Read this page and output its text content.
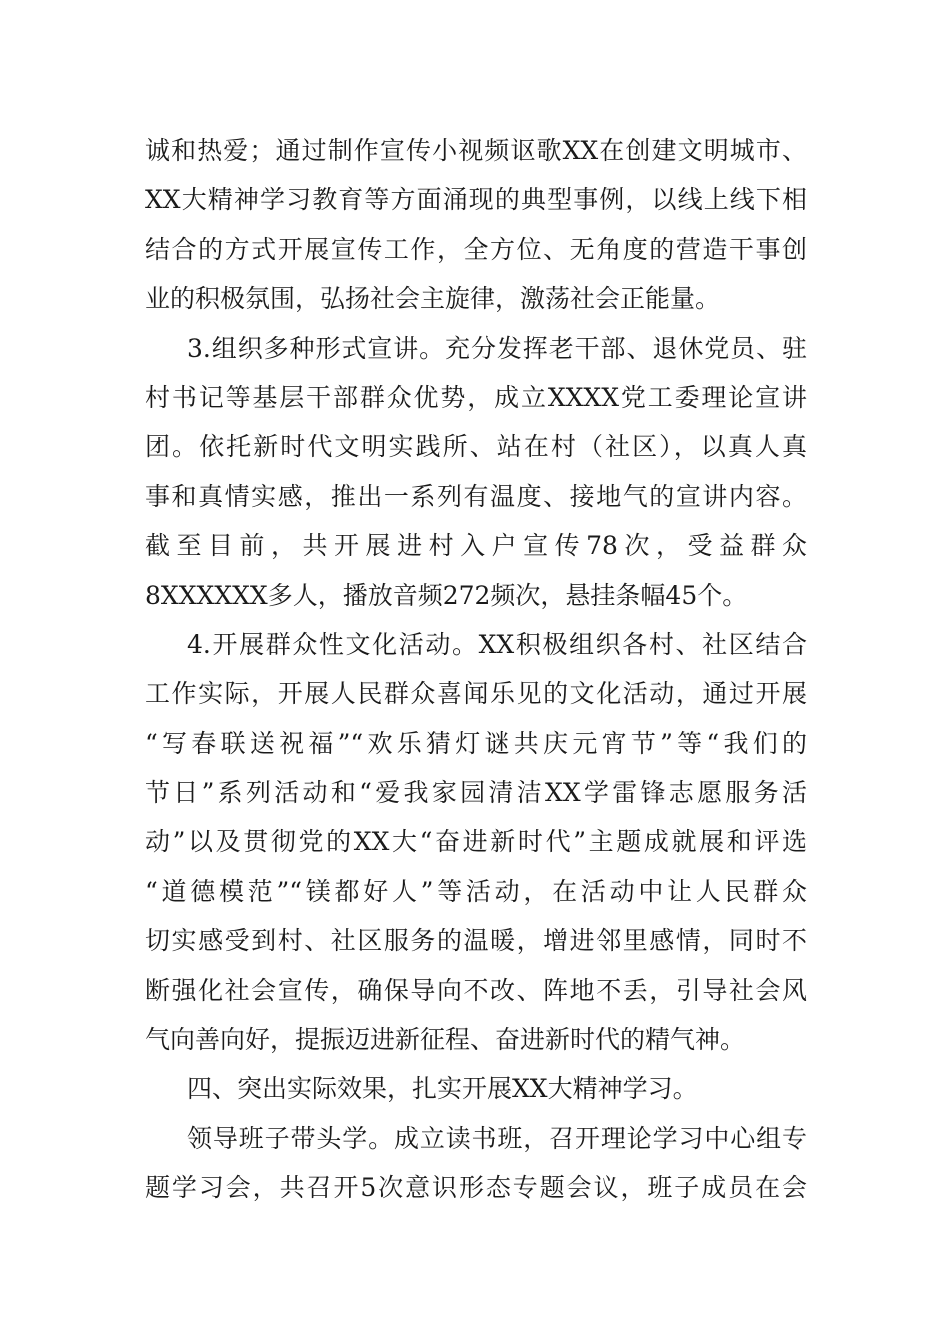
诚和热爱；通过制作宣传小视频讴歌XX在创建文明城市、
XX大精神学习教育等方面涌现的典型事例，以线上线下相
结合的方式开展宣传工作，全方位、无角度的营造干事创
业的积极氛围，弘扬社会主旋律，激荡社会正能量。
3.组织多种形式宣讲。充分发挥老干部、退休党员、驻
村书记等基层干部群众优势，成立XXXX党工委理论宣讲
团。依托新时代文明实践所、站在村（社区），以真人真
事和真情实感，推出一系列有温度、接地气的宣讲内容。
截至目前，共开展进村入户宣传78次，受益群众
8XXXXXX多人，播放音频272频次，悬挂条幅45个。
4.开展群众性文化活动。XX积极组织各村、社区结合
工作实际，开展人民群众喜闻乐见的文化活动，通过开展
“写春联送祝福”“欢乐猜灯谜共庆元宵节”等“我们的
节日”系列活动和“爱我家园清洁XX学雷锋志愿服务活
动”以及贯彻党的XX大“奋进新时代”主题成就展和评选
“道德模范”“镁都好人”等活动，在活动中让人民群众
切实感受到村、社区服务的温暖，增进邻里感情，同时不
断强化社会宣传，确保导向不改、阵地不丢，引导社会风
气向善向好，提振迈进新征程、奋进新时代的精气神。
四、突出实际效果，扎实开展XX大精神学习。
领导班子带头学。成立读书班，召开理论学习中心组专
题学习会，共召开5次意识形态专题会议，班子成员在会
